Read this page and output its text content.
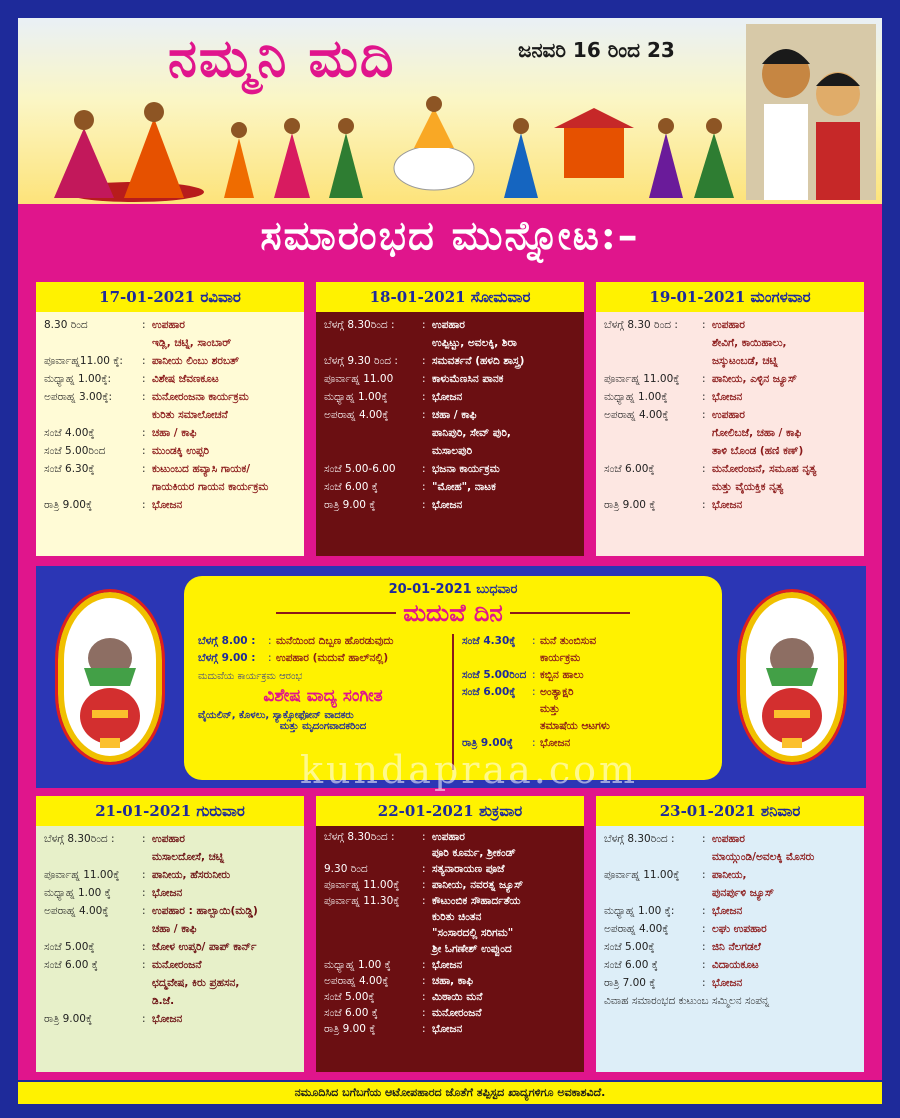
ನಮ್ಮನಿ ಮದಿ	ಜನವರಿ 16 ರಿಂದ 23
ಸಮಾರಂಭದ ಮುನ್ನೋಟ:–
17-01-2021 ರವಿವಾರ
8.30 ರಿಂದ	: ಉಪಹಾರ
ಇಡ್ಲಿ, ಚಟ್ನಿ, ಸಾಂಬಾರ್
ಪೂರ್ವಾಹ್ನ11.00 ಕ್ಕೆ:	: ಪಾನೀಯ ಲಿಂಬು ಶರಬತ್
ಮಧ್ಯಾಹ್ನ 1.00ಕ್ಕೆ:	: ವಿಶೇಷ ಜೆವಣಕೂಟ
ಅಪರಾಹ್ನ 3.00ಕ್ಕೆ:	: ಮನೋರಂಜನಾ ಕಾರ್ಯಕ್ರಮ
ಕುರಿತು ಸಮಾಲೋಚನೆ
ಸಂಜೆ 4.00ಕ್ಕೆ	: ಚಹಾ / ಕಾಫಿ
ಸಂಜೆ 5.00ರಿಂದ	: ಮುಂಡಕ್ಕಿ ಉಪ್ಪರಿ
ಸಂಜೆ 6.30ಕ್ಕೆ	: ಕುಟುಂಬದ ಹವ್ಯಾಸಿ ಗಾಯಕ/
ಗಾಯಕಿಯರ ಗಾಯನ ಕಾರ್ಯಕ್ರಮ
ರಾತ್ರಿ 9.00ಕ್ಕೆ	: ಭೋಜನ
18-01-2021 ಸೋಮವಾರ
ಬೆಳಗ್ಗೆ 8.30ರಿಂದ :	: ಉಪಹಾರ
ಉಪ್ಪಿಟ್ಟು, ಅವಲಕ್ಕಿ, ಶಿರಾ
ಬೆಳಗ್ಗೆ 9.30 ರಿಂದ :	: ಸಮವರ್ತನೆ (ಹಳದಿ ಶಾಸ್ತ್ರ)
ಪೂರ್ವಾಹ್ನ 11.00	: ಕಾಳುಮೆಣಸಿನ ಪಾನಕ
ಮಧ್ಯಾಹ್ನ 1.00ಕ್ಕೆ	: ಭೋಜನ
ಅಪರಾಹ್ನ 4.00ಕ್ಕೆ	: ಚಹಾ / ಕಾಫಿ
ಪಾನಿಪುರಿ, ಸೇವ್ ಪುರಿ,
ಮಸಾಲಪುರಿ
ಸಂಜೆ 5.00-6.00	: ಭಜನಾ ಕಾರ್ಯಕ್ರಮ
ಸಂಜೆ 6.00 ಕ್ಕೆ	: "ಮೋಹ", ನಾಟಕ
ರಾತ್ರಿ 9.00 ಕ್ಕೆ	: ಭೋಜನ
19-01-2021 ಮಂಗಳವಾರ
ಬೆಳಗ್ಗೆ 8.30 ರಿಂದ :	: ಉಪಹಾರ
ಶೇವಿಗೆ, ಕಾಯಿಹಾಲು,
ಜಸ್ಕುಟಂಬಡೆ, ಚಟ್ನಿ
ಪೂರ್ವಾಹ್ನ 11.00ಕ್ಕೆ	: ಪಾನೀಯ, ಎಳ್ಳಿನ ಜ್ಯೂಸ್
ಮಧ್ಯಾಹ್ನ 1.00ಕ್ಕೆ	: ಭೋಜನ
ಅಪರಾಹ್ನ 4.00ಕ್ಕೆ	: ಉಪಹಾರ
ಗೋಲಿಬಜೆ, ಚಹಾ / ಕಾಫಿ
ತಾಳಿ ಬೊಂಡ (ಹಣಿ ಕಣ್)
ಸಂಜೆ 6.00ಕ್ಕೆ	: ಮನೋರಂಜನೆ, ಸಮೂಹ ನೃತ್ಯ
ಮತ್ತು ವೈಯಕ್ತಿಕ ನೃತ್ಯ
ರಾತ್ರಿ 9.00 ಕ್ಕೆ	: ಭೋಜನ
20-01-2021 ಬುಧವಾರ
ಮದುವೆ ದಿನ
ಬೆಳಗ್ಗೆ 8.00 :	: ಮನೆಯಿಂದ ದಿಬ್ಬಣ ಹೊರಡುವುದು
ಬೆಳಗ್ಗೆ 9.00 :	: ಉಪಹಾರ (ಮದುವೆ ಹಾಲ್‌ನಲ್ಲಿ)
ಮದುವೆಯ ಕಾರ್ಯಕ್ರಮ ಆರಂಭ
ವಿಶೇಷ ವಾದ್ಯ ಸಂಗೀತ
ವೈಯಲಿನ್, ಕೊಳಲು, ಸ್ಯಾಕ್ಸೋಫೋನ್ ವಾದಕರು
ಮತ್ತು ಮೃದಂಗವಾದಕರಿಂದ
ಸಂಜೆ 4.30ಕ್ಕೆ	: ಮನೆ ತುಂಬಿಸುವ
ಕಾರ್ಯಕ್ರಮ
ಸಂಜೆ 5.00ರಿಂದ : ಕಬ್ಬಿನ ಹಾಲು
ಸಂಜೆ 6.00ಕ್ಕೆ	: ಅಂತ್ಯಾಕ್ಷರಿ
ಮತ್ತು
ತಮಾಷೆಯ ಆಟಗಳು
ರಾತ್ರಿ 9.00ಕ್ಕೆ	: ಭೋಜನ
kundapraa.com
21-01-2021 ಗುರುವಾರ
ಬೆಳಗ್ಗೆ 8.30ರಿಂದ :	: ಉಪಹಾರ
ಮಸಾಲದೋಸೆ, ಚಟ್ನಿ
ಪೂರ್ವಾಹ್ನ 11.00ಕ್ಕೆ	: ಪಾನೀಯ, ಹೆಸರುನೀರು
ಮಧ್ಯಾಹ್ನ 1.00 ಕ್ಕೆ	: ಭೋಜನ
ಅಪರಾಹ್ನ 4.00ಕ್ಕೆ	: ಉಪಹಾರ : ಹಾಲ್ಬಾಯಿ(ಮಡ್ಡಿ)
ಚಹಾ / ಕಾಫಿ
ಸಂಜೆ 5.00ಕ್ಕೆ	: ಜೋಳ ಉಪ್ಕರಿ/ ಪಾಪ್ ಕಾರ್ನ್
ಸಂಜೆ 6.00 ಕ್ಕೆ	: ಮನೋರಂಜನೆ
ಛದ್ಮವೇಷ, ಕಿರು ಪ್ರಹಸನ,
ಡಿ.ಜೆ.
ರಾತ್ರಿ 9.00ಕ್ಕೆ	: ಭೋಜನ
22-01-2021 ಶುಕ್ರವಾರ
ಬೆಳಗ್ಗೆ 8.30ರಿಂದ :	: ಉಪಹಾರ
ಪೂರಿ ಕೂರ್ಮ, ಶ್ರೀಕಂಡ್
9.30 ರಿಂದ	: ಸತ್ಯನಾರಾಯಣ ಪೂಜೆ
ಪೂರ್ವಾಹ್ನ 11.00ಕ್ಕೆ	: ಪಾನೀಯ, ನವರತ್ನ ಜ್ಯೂಸ್
ಪೂರ್ವಾಹ್ನ 11.30ಕ್ಕೆ	: ಕೌಟುಂಬಿಕ ಸೌಹಾರ್ದತೆಯ
ಕುರಿತು ಚಿಂತನ
"ಸಂಸಾರದಲ್ಲಿ ಸರಿಗಮ"
ಶ್ರೀ ಓಗಣೇಶ್ ಉಪ್ಪುಂದ
ಮಧ್ಯಾಹ್ನ 1.00 ಕ್ಕೆ	: ಭೋಜನ
ಅಪರಾಹ್ನ 4.00ಕ್ಕೆ	: ಚಹಾ, ಕಾಫಿ
ಸಂಜೆ 5.00ಕ್ಕೆ	: ಮಿಠಾಯಿ ಮನೆ
ಸಂಜೆ 6.00 ಕ್ಕೆ	: ಮನೋರಂಜನೆ
ರಾತ್ರಿ 9.00 ಕ್ಕೆ	: ಭೋಜನ
23-01-2021 ಶನಿವಾರ
ಬೆಳಗ್ಗೆ 8.30ರಿಂದ :	: ಉಪಹಾರ
ಮಾಯ್ಗುಂಡಿ/ಅವಲಕ್ಕಿ ಮೊಸರು
ಪೂರ್ವಾಹ್ನ 11.00ಕ್ಕೆ	: ಪಾನೀಯ,
ಪುನರ್ಪುಳಿ ಜ್ಯೂಸ್
ಮಧ್ಯಾಹ್ನ 1.00 ಕ್ಕೆ:	: ಭೋಜನ
ಅಪರಾಹ್ನ 4.00ಕ್ಕೆ	: ಲಘು ಉಪಹಾರ
ಸಂಜೆ 5.00ಕ್ಕೆ	: ಜಿನಿ ನೆಲಗಡಲೆ
ಸಂಜೆ 6.00 ಕ್ಕೆ	: ವಿದಾಯಕೂಟ
ರಾತ್ರಿ 7.00 ಕ್ಕೆ	: ಭೋಜನ
ವಿವಾಹ ಸಮಾರಂಭದ ಕುಟುಂಬ ಸಮ್ಮಿಲನ ಸಂಪನ್ನ
ನಮೂದಿಸಿದ ಬಗೆಬಗೆಯ ಆಟೋಪಹಾರದ ಜೊತೆಗೆ ತಪ್ಪಿಸ್ಟದ ಖಾದ್ಯಗಳಿಗೂ ಅವಕಾಶವಿದೆ.
